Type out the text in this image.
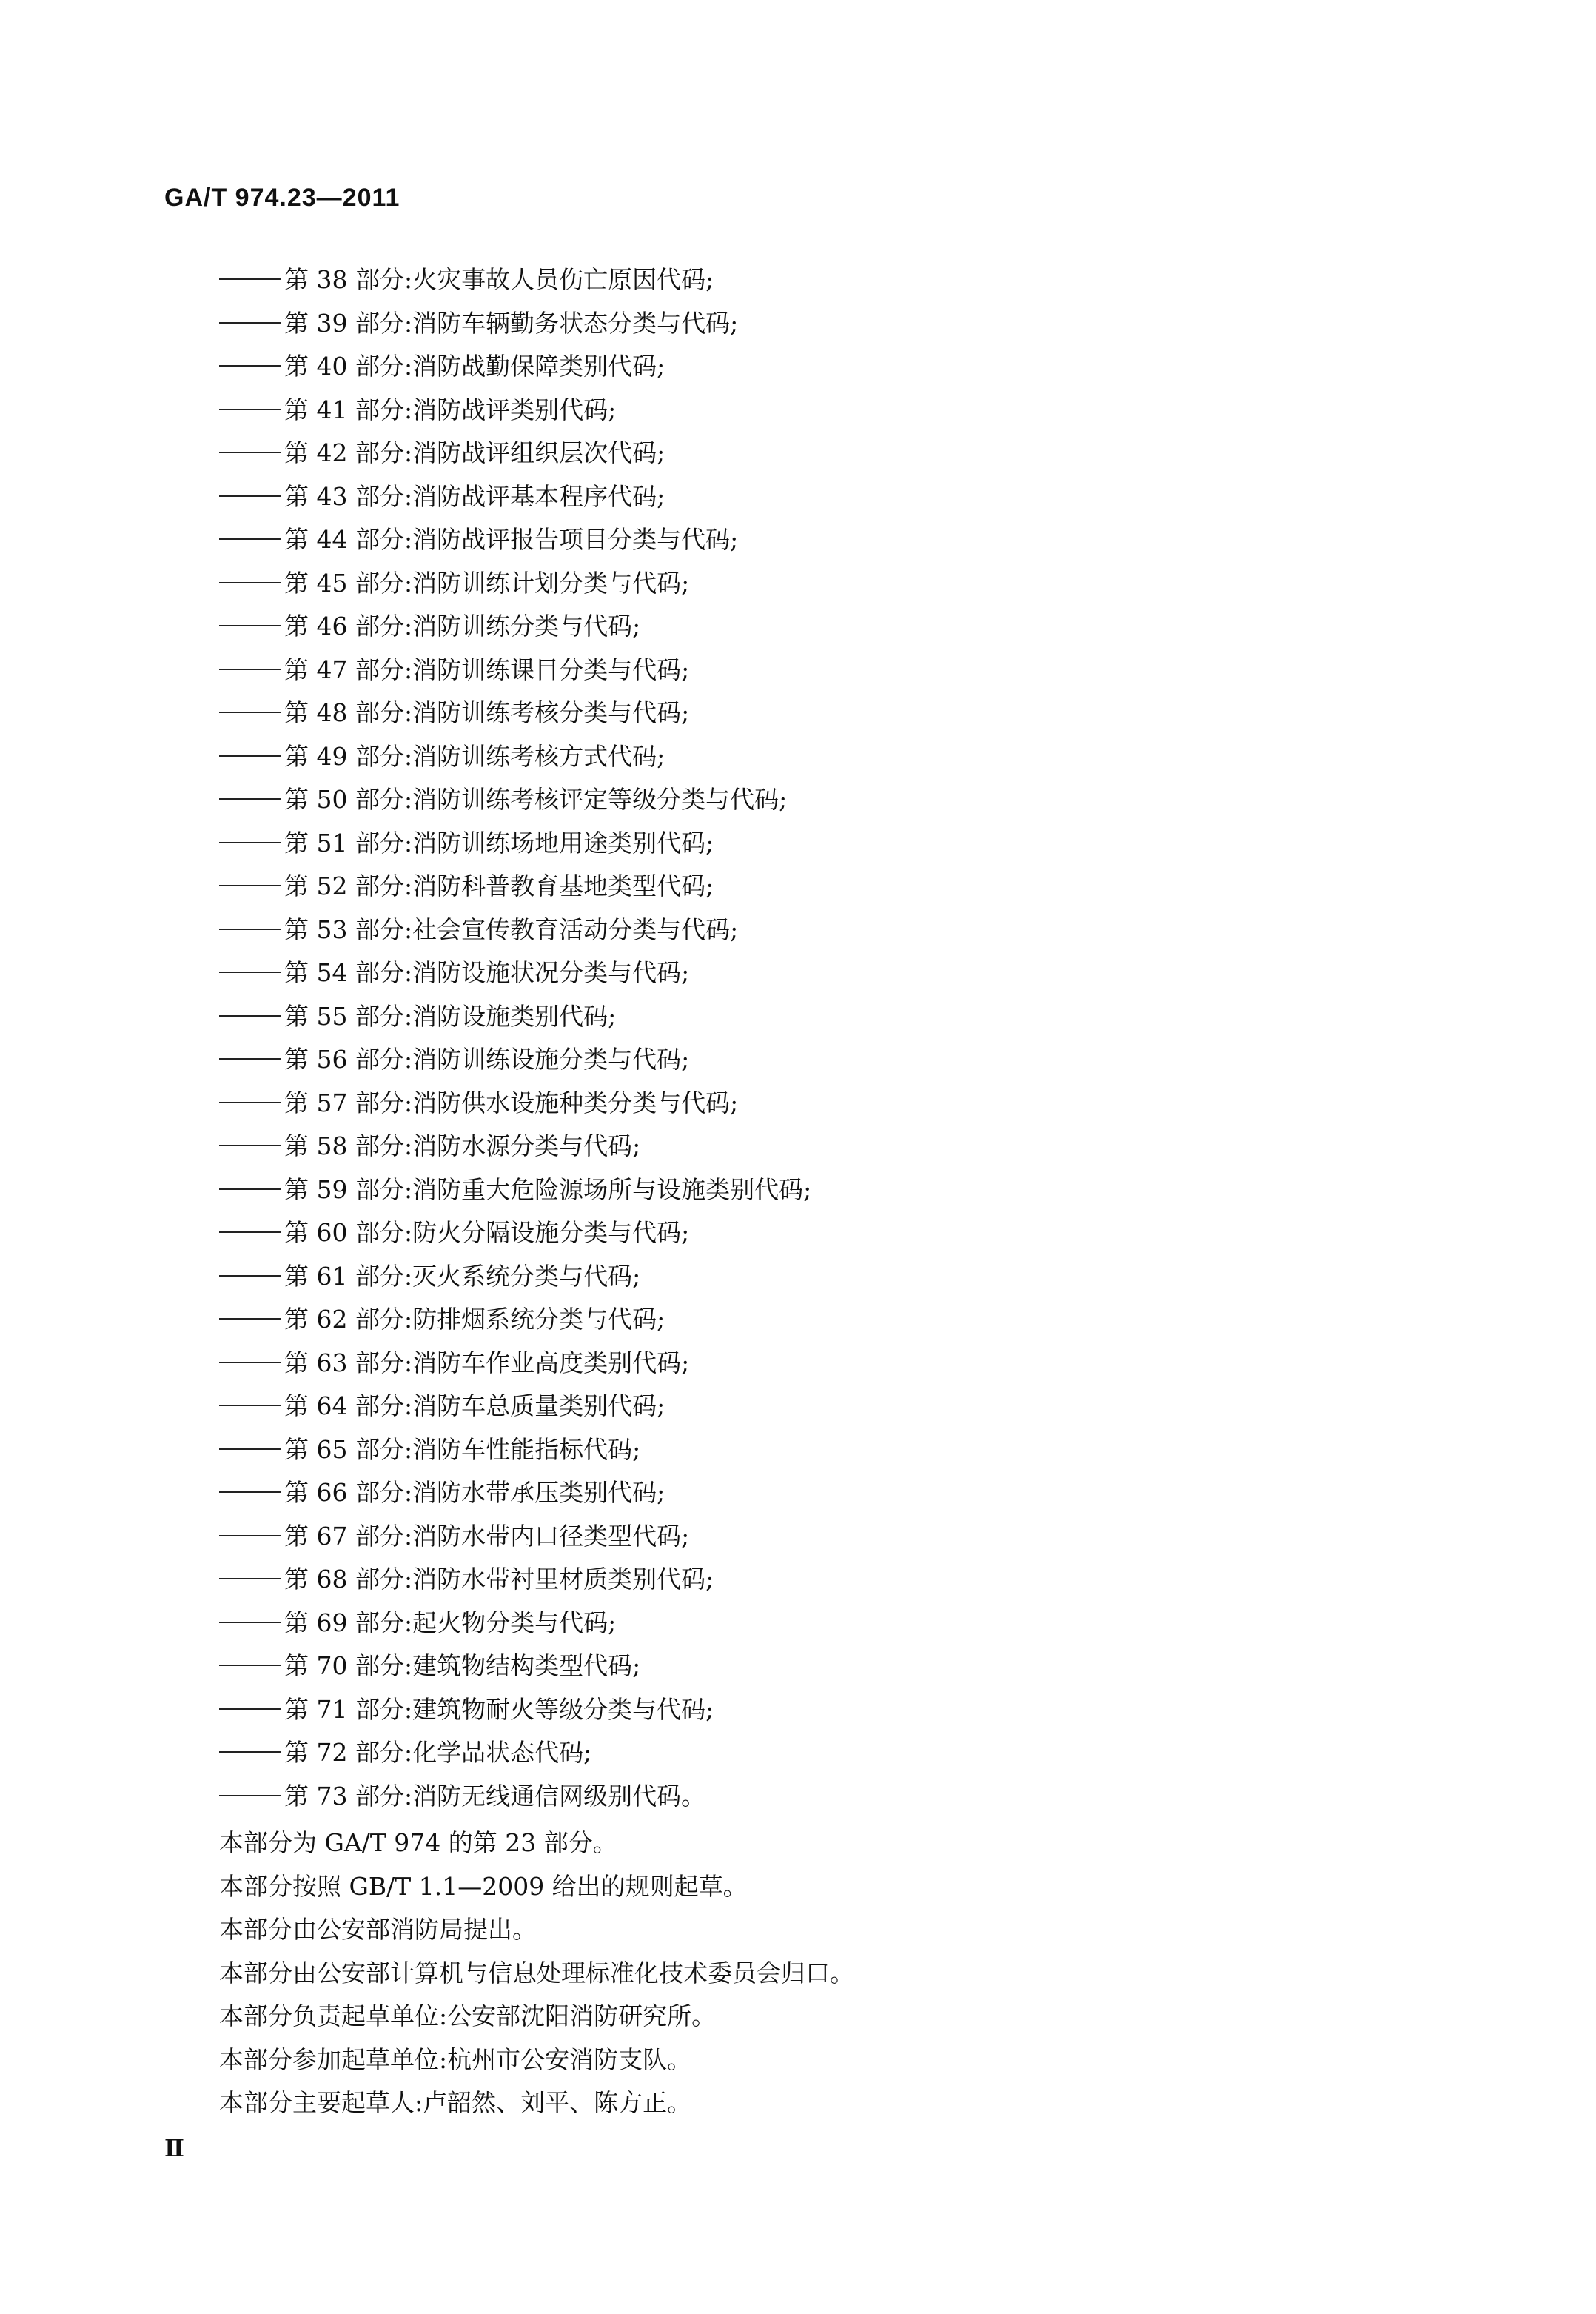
GA/T 974.23—2011
第 38 部分:火灾事故人员伤亡原因代码;
第 39 部分:消防车辆勤务状态分类与代码;
第 40 部分:消防战勤保障类别代码;
第 41 部分:消防战评类别代码;
第 42 部分:消防战评组织层次代码;
第 43 部分:消防战评基本程序代码;
第 44 部分:消防战评报告项目分类与代码;
第 45 部分:消防训练计划分类与代码;
第 46 部分:消防训练分类与代码;
第 47 部分:消防训练课目分类与代码;
第 48 部分:消防训练考核分类与代码;
第 49 部分:消防训练考核方式代码;
第 50 部分:消防训练考核评定等级分类与代码;
第 51 部分:消防训练场地用途类别代码;
第 52 部分:消防科普教育基地类型代码;
第 53 部分:社会宣传教育活动分类与代码;
第 54 部分:消防设施状况分类与代码;
第 55 部分:消防设施类别代码;
第 56 部分:消防训练设施分类与代码;
第 57 部分:消防供水设施种类分类与代码;
第 58 部分:消防水源分类与代码;
第 59 部分:消防重大危险源场所与设施类别代码;
第 60 部分:防火分隔设施分类与代码;
第 61 部分:灭火系统分类与代码;
第 62 部分:防排烟系统分类与代码;
第 63 部分:消防车作业高度类别代码;
第 64 部分:消防车总质量类别代码;
第 65 部分:消防车性能指标代码;
第 66 部分:消防水带承压类别代码;
第 67 部分:消防水带内口径类型代码;
第 68 部分:消防水带衬里材质类别代码;
第 69 部分:起火物分类与代码;
第 70 部分:建筑物结构类型代码;
第 71 部分:建筑物耐火等级分类与代码;
第 72 部分:化学品状态代码;
第 73 部分:消防无线通信网级别代码。
本部分为 GA/T 974 的第 23 部分。
本部分按照 GB/T 1.1—2009 给出的规则起草。
本部分由公安部消防局提出。
本部分由公安部计算机与信息处理标准化技术委员会归口。
本部分负责起草单位:公安部沈阳消防研究所。
本部分参加起草单位:杭州市公安消防支队。
本部分主要起草人:卢韶然、刘平、陈方正。
Ⅱ
